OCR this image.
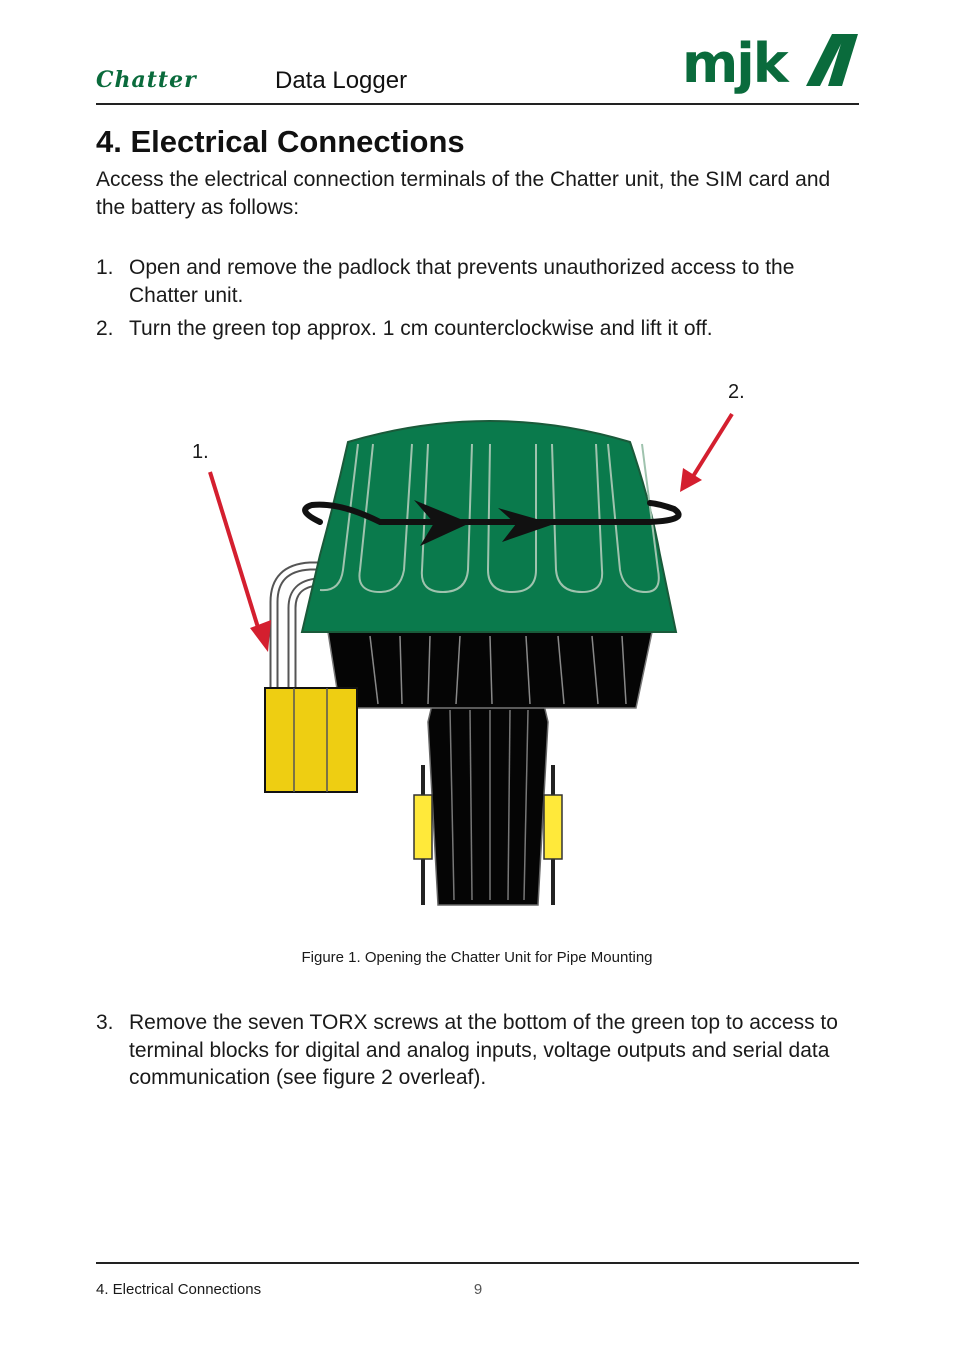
Chatter	Data Logger	mjk
4. Electrical Connections
Access the electrical connection terminals of the Chatter unit, the SIM card and the battery as follows:
1. Open and remove the padlock that prevents unauthorized access to the Chatter unit.
2. Turn the green top approx. 1 cm counterclockwise and lift it off.
1.
2.
Figure 1. Opening the Chatter Unit for Pipe Mounting
3. Remove the seven TORX screws at the bottom of the green top to access to terminal blocks for digital and analog inputs, voltage outputs and serial data communication (see figure 2 overleaf).
4. Electrical Connections	9
